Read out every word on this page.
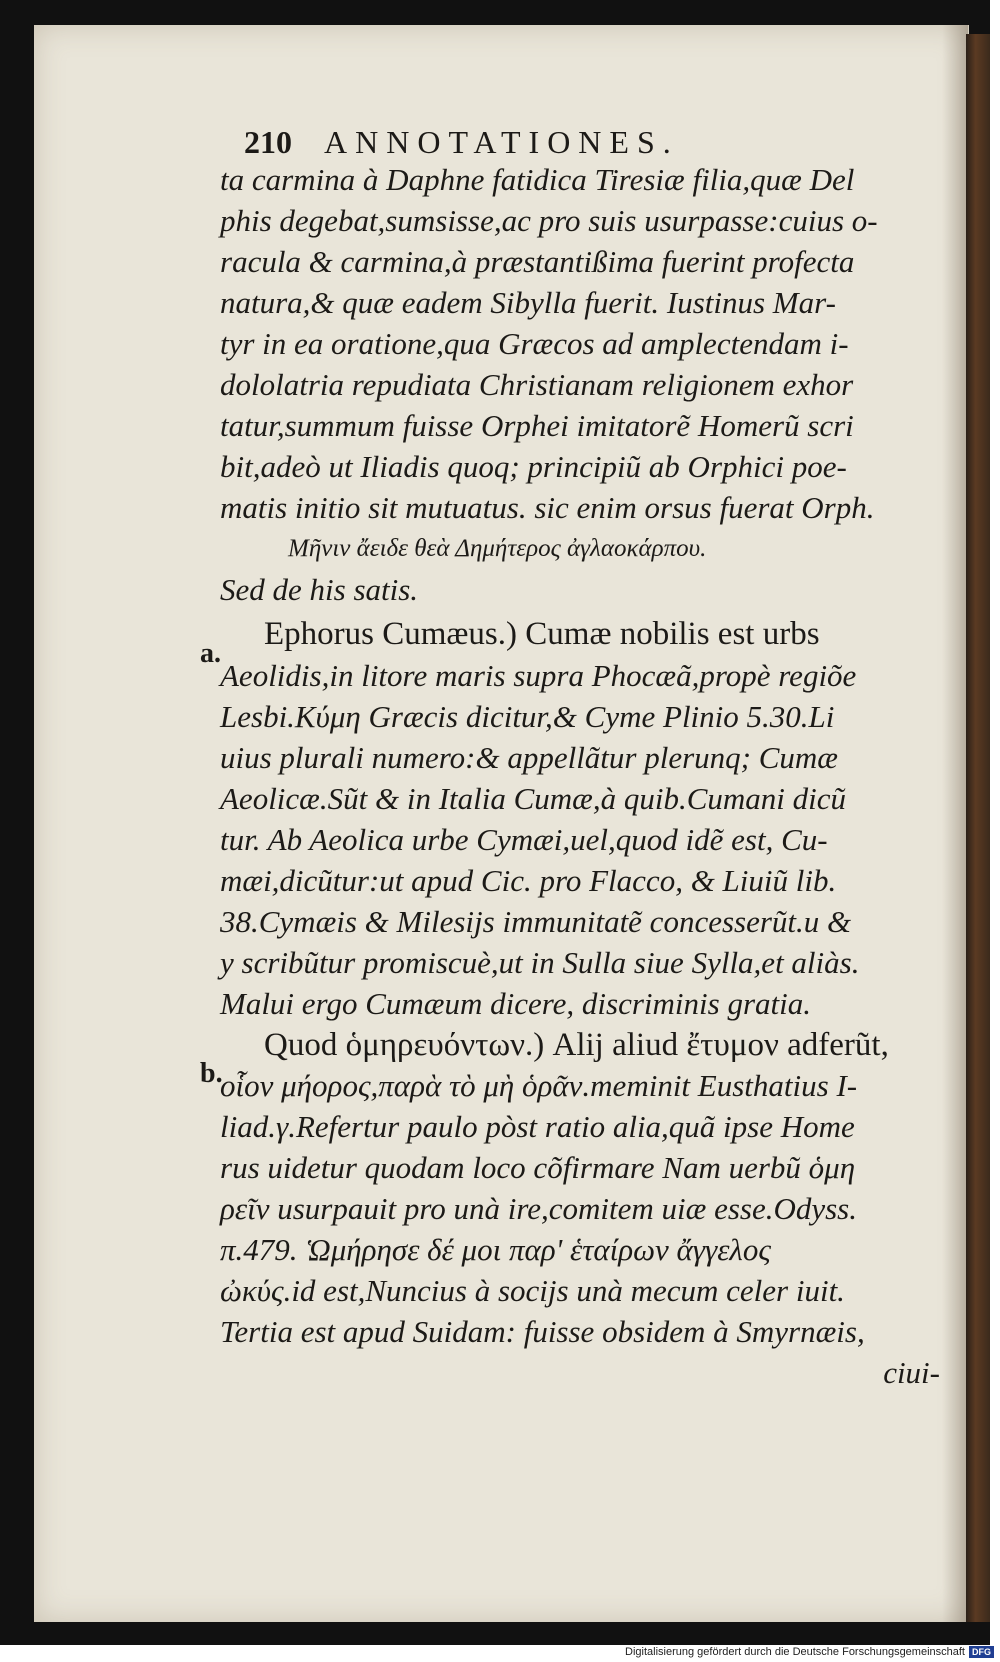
210 ANNOTATIONES.
ta carmina à Daphne fatidica Tiresiæ filia,quæ Del
phis degebat,sumsisse,ac pro suis usurpasse:cuius o-
racula & carmina,à præstantißima fuerint profecta
natura,& quæ eadem Sibylla fuerit. Iustinus Mar-
tyr in ea oratione,qua Græcos ad amplectendam i-
dololatria repudiata Christianam religionem exhor
tatur,summum fuisse Orphei imitatorẽ Homerũ scri
bit,adeò ut Iliadis quoq; principiũ ab Orphici poe-
matis initio sit mutuatus. sic enim orsus fuerat Orph.
Μῆνιν ἄειδε θεὰ Δημήτερος ἀγλαοκάρπου.
Sed de his satis.
Ephorus Cumæus.) Cumæ nobilis est urbs
Aeolidis,in litore maris supra Phocæã,propè regiõe
Lesbi.Κύμη Græcis dicitur,& Cyme Plinio 5.30.Li
uius plurali numero:& appellãtur plerunq; Cumæ
Aeolicæ.Sũt & in Italia Cumæ,à quib.Cumani dicũ
tur. Ab Aeolica urbe Cymæi,uel,quod idẽ est, Cu-
mæi,dicũtur:ut apud Cic. pro Flacco, & Liuiũ lib.
38.Cymæis & Milesijs immunitatẽ concesserũt.u &
y scribũtur promiscuè,ut in Sulla siue Sylla,et aliàs.
Malui ergo Cumæum dicere, discriminis gratia.
Quod ὁμηρευόντων.) Alij aliud ἔτυμον adferũt,
οἷον μήορος,παρὰ τὸ μὴ ὁρᾶν.meminit Eusthatius I-
liad.γ.Refertur paulo pòst ratio alia,quã ipse Home
rus uidetur quodam loco cõfirmare Nam uerbũ ὁμη
ρεῖν usurpauit pro unà ire,comitem uiæ esse.Odyss.
π.479. Ὡμήρησε δέ μοι παρ' ἑταίρων ἄγγελος
ὠκύς.id est,Nuncius à socijs unà mecum celer iuit.
Tertia est apud Suidam: fuisse obsidem à Smyrnæis,
ciui-
a.
b.
Digitalisierung gefördert durch die Deutsche Forschungsgemeinschaft DFG
